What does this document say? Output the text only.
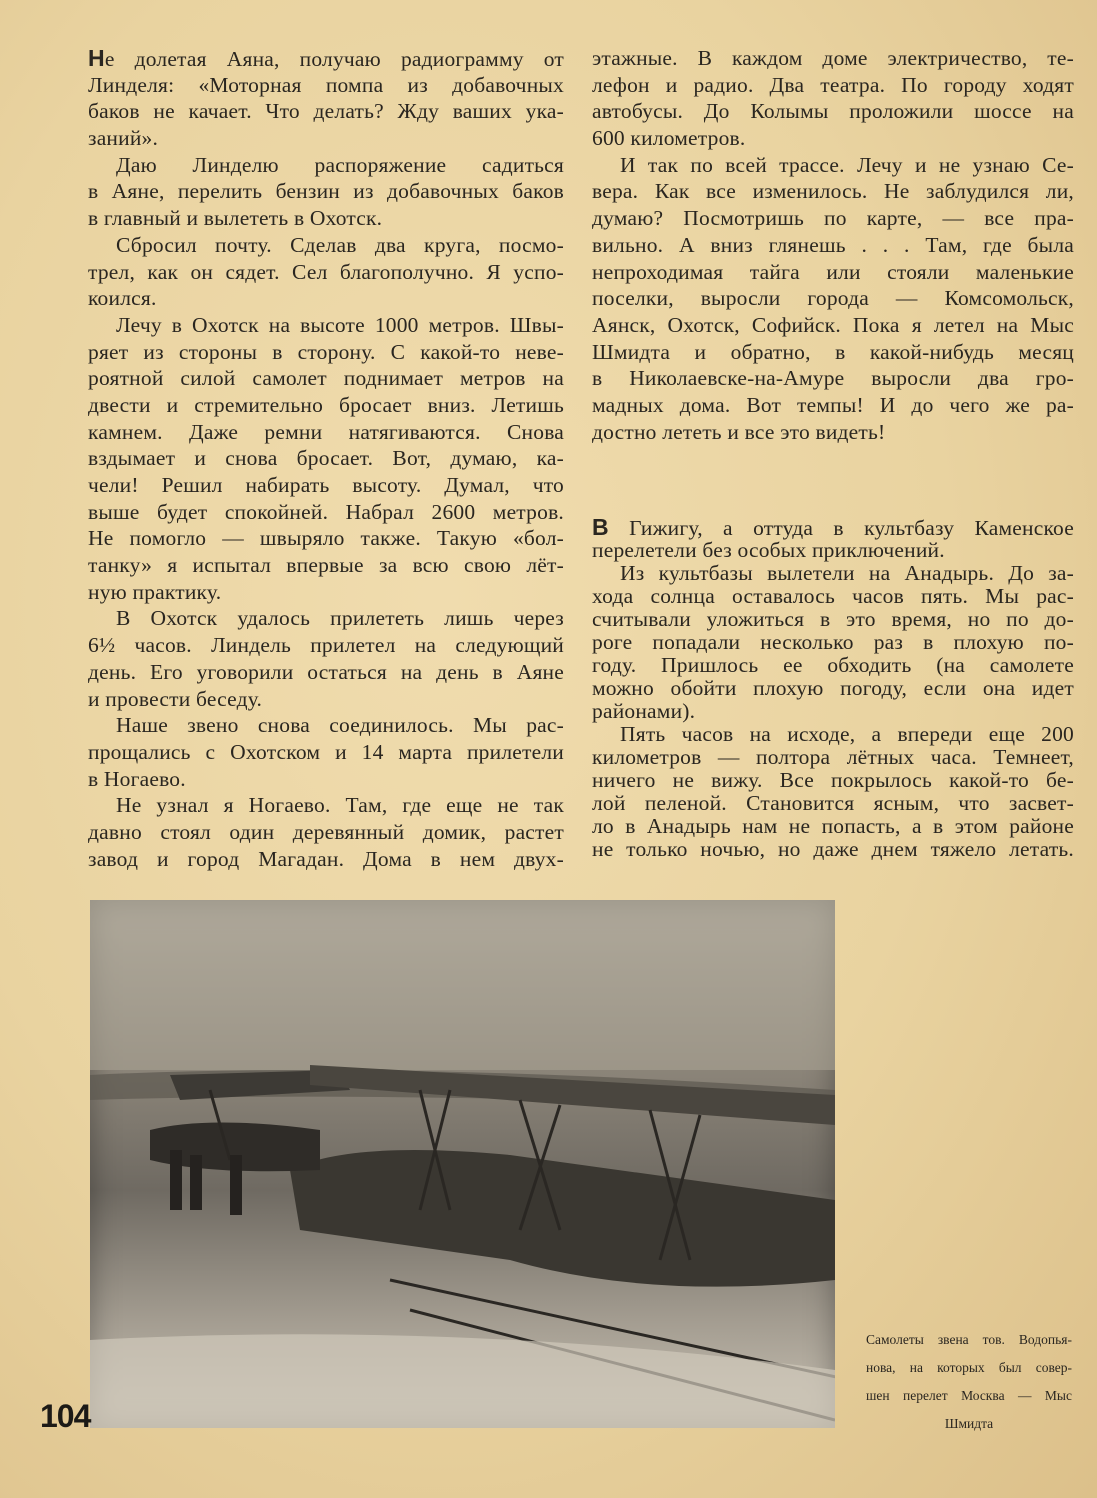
Не долетая Аяна, получаю радиограмму от
Линделя: «Моторная помпа из добавочных
баков не качает. Что делать? Жду ваших ука-
заний».
Даю Линделю распоряжение садиться
в Аяне, перелить бензин из добавочных баков
в главный и вылететь в Охотск.
Сбросил почту. Сделав два круга, посмо-
трел, как он сядет. Сел благополучно. Я успо-
коился.
Лечу в Охотск на высоте 1000 метров. Швы-
ряет из стороны в сторону. С какой-то неве-
роятной силой самолет поднимает метров на
двести и стремительно бросает вниз. Летишь
камнем. Даже ремни натягиваются. Снова
вздымает и снова бросает. Вот, думаю, ка-
чели! Решил набирать высоту. Думал, что
выше будет спокойней. Набрал 2600 метров.
Не помогло — швыряло также. Такую «бол-
танку» я испытал впервые за всю свою лёт-
ную практику.
В Охотск удалось прилететь лишь через
6½ часов. Линдель прилетел на следующий
день. Его уговорили остаться на день в Аяне
и провести беседу.
Наше звено снова соединилось. Мы рас-
прощались с Охотском и 14 марта прилетели
в Ногаево.
Не узнал я Ногаево. Там, где еще не так
давно стоял один деревянный домик, растет
завод и город Магадан. Дома в нем двух-
этажные. В каждом доме электричество, те-
лефон и радио. Два театра. По городу ходят
автобусы. До Колымы проложили шоссе на
600 километров.
И так по всей трассе. Лечу и не узнаю Се-
вера. Как все изменилось. Не заблудился ли,
думаю? Посмотришь по карте, — все пра-
вильно. А вниз глянешь . . . Там, где была
непроходимая тайга или стояли маленькие
поселки, выросли города — Комсомольск,
Аянск, Охотск, Софийск. Пока я летел на Мыс
Шмидта и обратно, в какой-нибудь месяц
в Николаевске-на-Амуре выросли два гро-
мадных дома. Вот темпы! И до чего же ра-
достно лететь и все это видеть!
В Гижигу, а оттуда в культбазу Каменское
перелетели без особых приключений.
Из культбазы вылетели на Анадырь. До за-
хода солнца оставалось часов пять. Мы рас-
считывали уложиться в это время, но по до-
роге попадали несколько раз в плохую по-
году. Пришлось ее обходить (на самолете
можно обойти плохую погоду, если она идет
районами).
Пять часов на исходе, а впереди еще 200
километров — полтора лётных часа. Темнеет,
ничего не вижу. Все покрылось какой-то бе-
лой пеленой. Становится ясным, что засвет-
ло в Анадырь нам не попасть, а в этом районе
не только ночью, но даже днем тяжело летать.
104
Самолеты звена тов. Водопья-
нова, на которых был совер-
шен перелет Москва — Мыс
Шмидта
